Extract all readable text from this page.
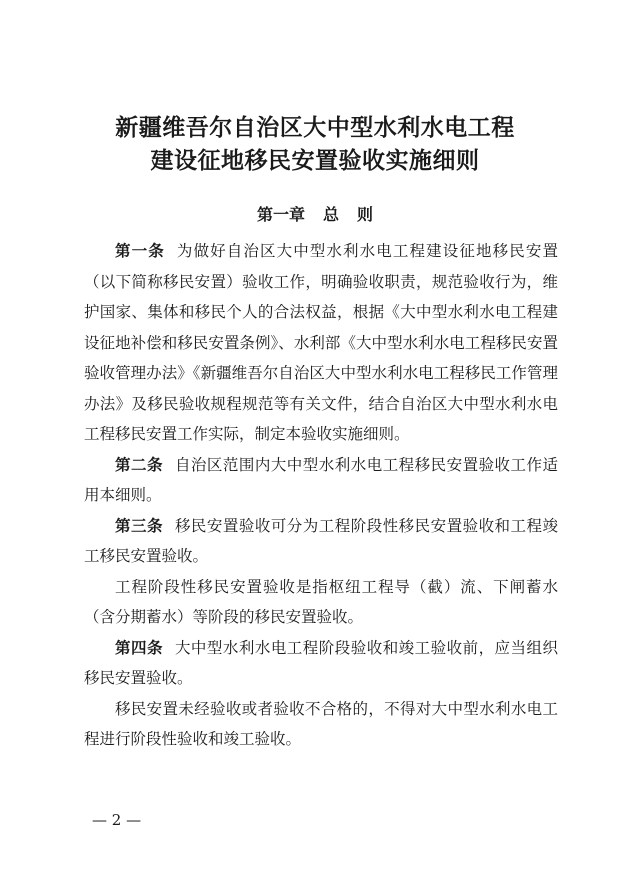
新疆维吾尔自治区大中型水利水电工程
建设征地移民安置验收实施细则
第一章 总 则

第一条 为做好自治区大中型水利水电工程建设征地移民安置（以下简称移民安置）验收工作，明确验收职责，规范验收行为，维护国家、集体和移民个人的合法权益，根据《大中型水利水电工程建设征地补偿和移民安置条例》、水利部《大中型水利水电工程移民安置验收管理办法》《新疆维吾尔自治区大中型水利水电工程移民工作管理办法》及移民验收规程规范等有关文件，结合自治区大中型水利水电工程移民安置工作实际，制定本验收实施细则。

第二条 自治区范围内大中型水利水电工程移民安置验收工作适用本细则。

第三条 移民安置验收可分为工程阶段性移民安置验收和工程竣工移民安置验收。

工程阶段性移民安置验收是指枢纽工程导（截）流、下闸蓄水（含分期蓄水）等阶段的移民安置验收。

第四条 大中型水利水电工程阶段验收和竣工验收前，应当组织移民安置验收。

移民安置未经验收或者验收不合格的，不得对大中型水利水电工程进行阶段性验收和竣工验收。

— 2 —
